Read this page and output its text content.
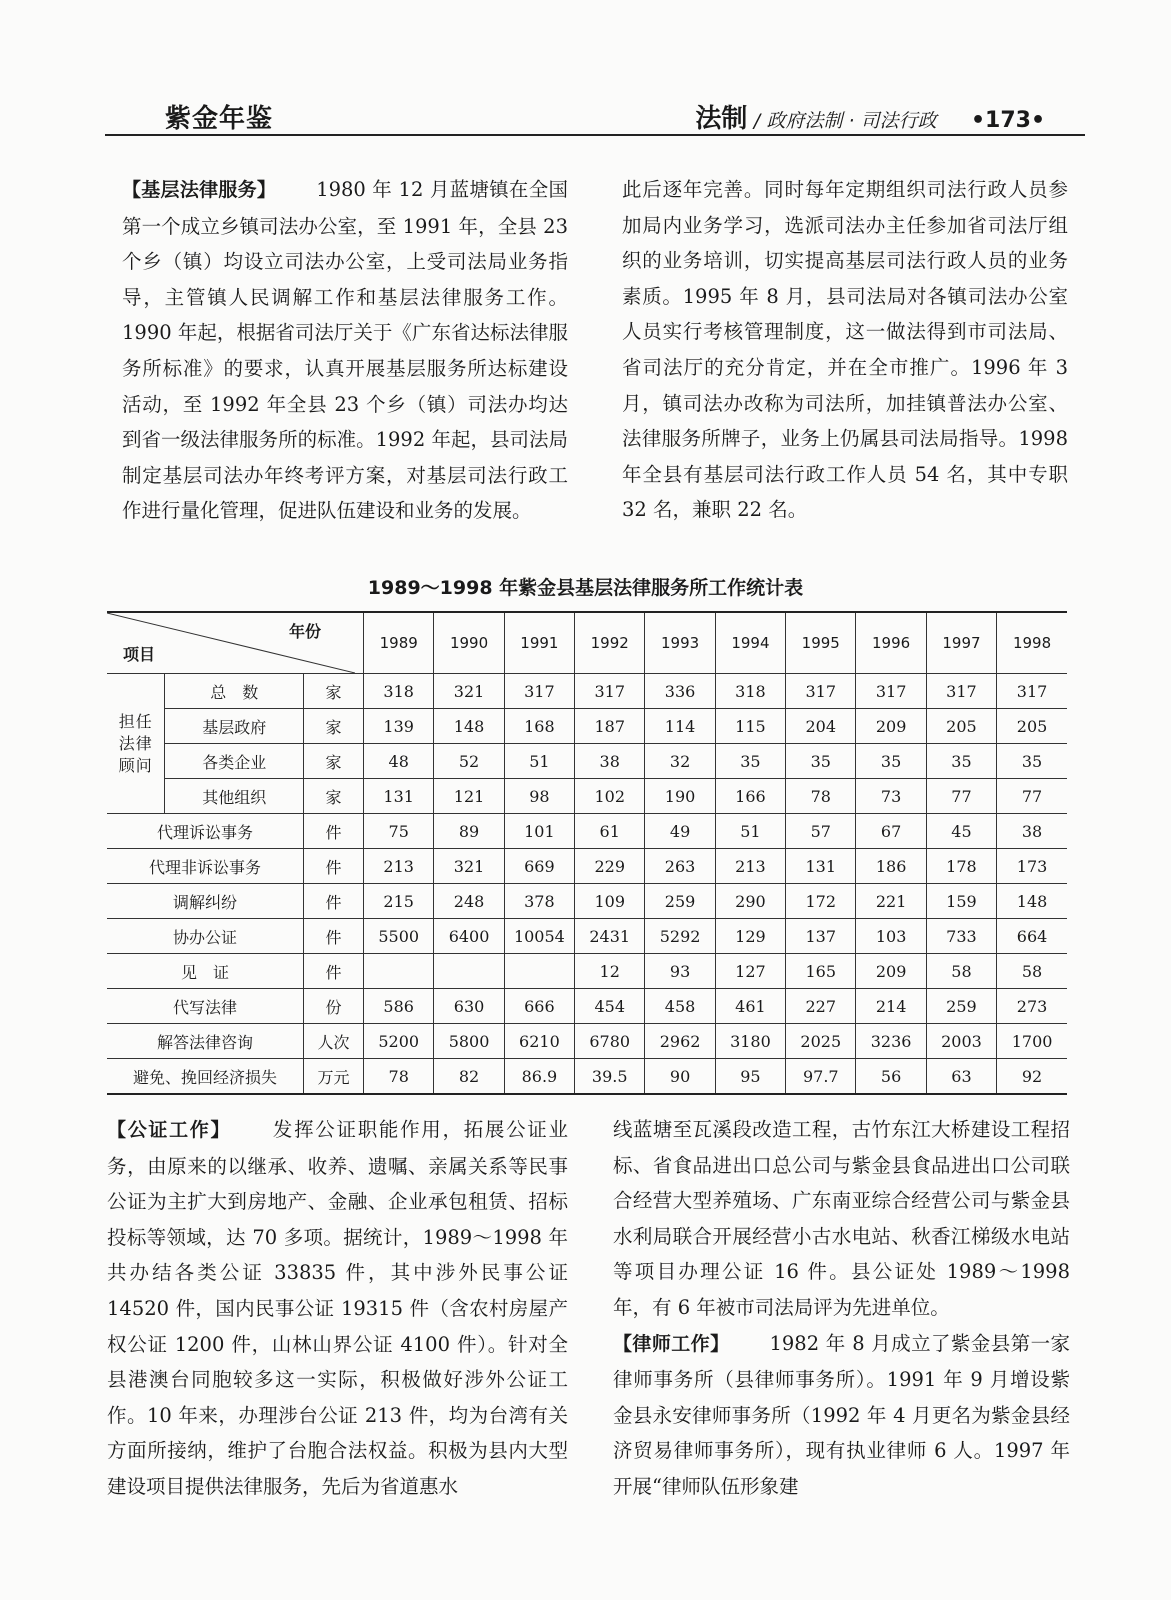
紫金年鉴	法制 / 政府法制 · 司法行政 •173•

【基层法律服务】 1980 年 12 月蓝塘镇在全国第一个成立乡镇司法办公室，至 1991 年，全县 23 个乡（镇）均设立司法办公室，上受司法局业务指导，主管镇人民调解工作和基层法律服务工作。1990 年起，根据省司法厅关于《广东省达标法律服务所标准》的要求，认真开展基层服务所达标建设活动，至 1992 年全县 23 个乡（镇）司法办均达到省一级法律服务所的标准。1992 年起，县司法局制定基层司法办年终考评方案，对基层司法行政工作进行量化管理，促进队伍建设和业务的发展。

此后逐年完善。同时每年定期组织司法行政人员参加局内业务学习，选派司法办主任参加省司法厅组织的业务培训，切实提高基层司法行政人员的业务素质。1995 年 8 月，县司法局对各镇司法办公室人员实行考核管理制度，这一做法得到市司法局、省司法厅的充分肯定，并在全市推广。1996 年 3 月，镇司法办改称为司法所，加挂镇普法办公室、法律服务所牌子，业务上仍属县司法局指导。1998 年全县有基层司法行政工作人员 54 名，其中专职 32 名，兼职 22 名。

1989～1998 年紫金县基层法律服务所工作统计表
年份
项目			1989	1990	1991	1992	1993	1994	1995	1996	1997	1998

担任
法律
顾问	总　数	家	318	321	317	317	336	318	317	317	317	317
	基层政府	家	139	148	168	187	114	115	204	209	205	205
	各类企业	家	48	52	51	38	32	35	35	35	35	35
	其他组织	家	131	121	98	102	190	166	78	73	77	77
代理诉讼事务		件	75	89	101	61	49	51	57	67	45	38
代理非诉讼事务		件	213	321	669	229	263	213	131	186	178	173
调解纠纷		件	215	248	378	109	259	290	172	221	159	148
协办公证		件	5500	6400	10054	2431	5292	129	137	103	733	664
见　证		件				12	93	127	165	209	58	58
代写法律		份	586	630	666	454	458	461	227	214	259	273
解答法律咨询		人次	5200	5800	6210	6780	2962	3180	2025	3236	2003	1700
避免、挽回经济损失		万元	78	82	86.9	39.5	90	95	97.7	56	63	92

【公证工作】 发挥公证职能作用，拓展公证业务，由原来的以继承、收养、遗嘱、亲属关系等民事公证为主扩大到房地产、金融、企业承包租赁、招标投标等领域，达 70 多项。据统计，1989～1998 年共办结各类公证 33835 件，其中涉外民事公证 14520 件，国内民事公证 19315 件（含农村房屋产权公证 1200 件，山林山界公证 4100 件）。针对全县港澳台同胞较多这一实际，积极做好涉外公证工作。10 年来，办理涉台公证 213 件，均为台湾有关方面所接纳，维护了台胞合法权益。积极为县内大型建设项目提供法律服务，先后为省道惠水

线蓝塘至瓦溪段改造工程，古竹东江大桥建设工程招标、省食品进出口总公司与紫金县食品进出口公司联合经营大型养殖场、广东南亚综合经营公司与紫金县水利局联合开展经营小古水电站、秋香江梯级水电站等项目办理公证 16 件。县公证处 1989～1998 年，有 6 年被市司法局评为先进单位。

【律师工作】 1982 年 8 月成立了紫金县第一家律师事务所（县律师事务所）。1991 年 9 月增设紫金县永安律师事务所（1992 年 4 月更名为紫金县经济贸易律师事务所），现有执业律师 6 人。1997 年开展“律师队伍形象建
